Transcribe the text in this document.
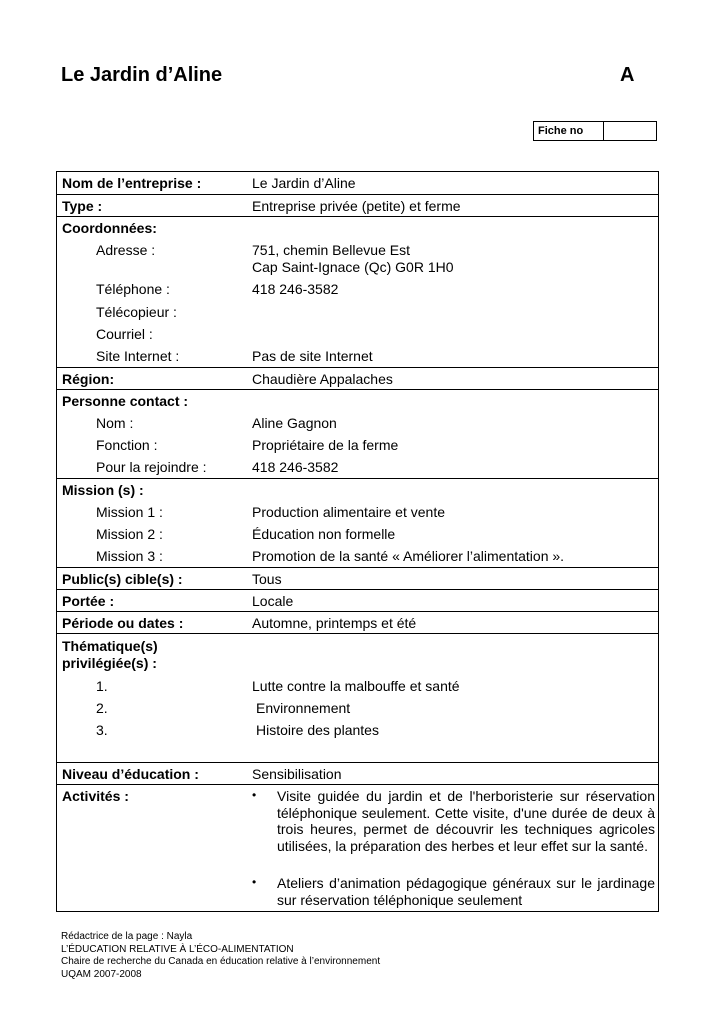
Le Jardin d’Aline	A
Fiche no
Nom de l’entreprise :	Le Jardin d’Aline
Type :	Entreprise privée (petite) et ferme
Coordonnées:
Adresse :	751, chemin Bellevue Est
Cap Saint-Ignace (Qc) G0R 1H0
Téléphone :	418 246-3582
Télécopieur :
Courriel :
Site Internet :	Pas de site Internet
Région:	Chaudière Appalaches
Personne contact :
Nom :	Aline Gagnon
Fonction :	Propriétaire de la ferme
Pour la rejoindre :	418 246-3582
Mission (s) :
Mission 1 :	Production alimentaire et vente
Mission 2 :	Éducation non formelle
Mission 3 :	Promotion de la santé « Améliorer l’alimentation ».
Public(s) cible(s) :	Tous
Portée :	Locale
Période ou dates :	Automne, printemps et été
Thématique(s)
privilégiée(s) :
1.	Lutte contre la malbouffe et santé
2.	Environnement
3.	Histoire des plantes
Niveau d’éducation :	Sensibilisation
Activités :	• Visite guidée du jardin et de l'herboristerie sur réservation téléphonique seulement. Cette visite, d'une durée de deux à trois heures, permet de découvrir les techniques agricoles utilisées, la préparation des herbes et leur effet sur la santé.
• Ateliers d’animation pédagogique généraux sur le jardinage sur réservation téléphonique seulement
Rédactrice de la page : Nayla
L’ÉDUCATION RELATIVE À L’ÉCO-ALIMENTATION
Chaire de recherche du Canada en éducation relative à l’environnement
UQAM 2007-2008
